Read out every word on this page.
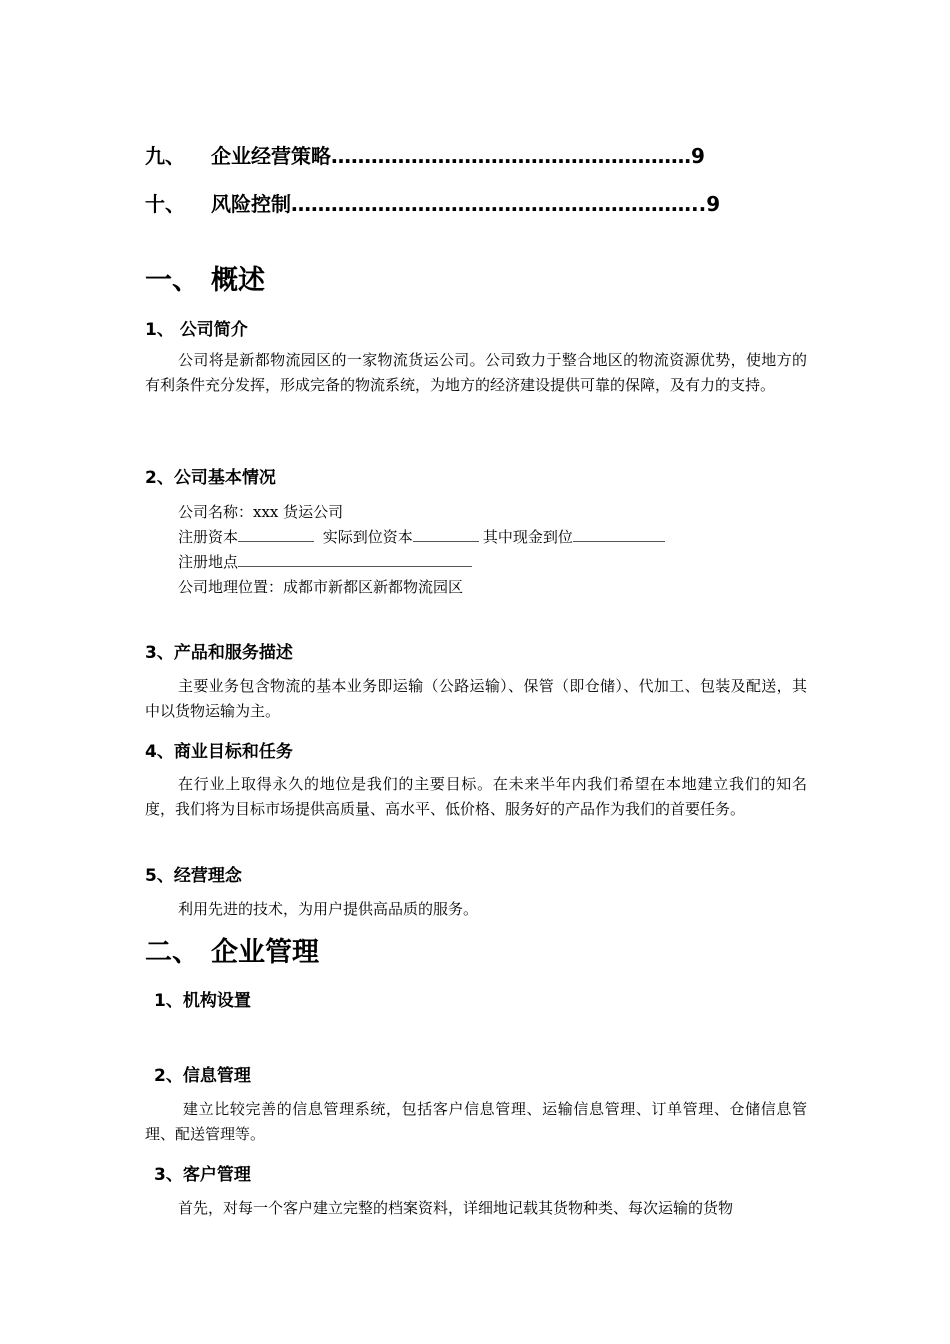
九、 企业经营策略………………………………………………9
十、 风险控制……………………………………………………..9
一、 概述
1、 公司简介
公司将是新都物流园区的一家物流货运公司。公司致力于整合地区的物流资源优势，使地方的有利条件充分发挥，形成完备的物流系统，为地方的经济建设提供可靠的保障，及有力的支持。
2、公司基本情况
公司名称：xxx 货运公司
注册资本	实际到位资本	其中现金到位
注册地点
公司地理位置：成都市新都区新都物流园区
3、产品和服务描述
主要业务包含物流的基本业务即运输（公路运输）、保管（即仓储）、代加工、包装及配送，其中以货物运输为主。
4、商业目标和任务
在行业上取得永久的地位是我们的主要目标。在未来半年内我们希望在本地建立我们的知名度，我们将为目标市场提供高质量、高水平、低价格、服务好的产品作为我们的首要任务。
5、经营理念
利用先进的技术，为用户提供高品质的服务。
二、 企业管理
1、机构设置
2、信息管理
建立比较完善的信息管理系统，包括客户信息管理、运输信息管理、订单管理、仓储信息管理、配送管理等。
3、客户管理
首先，对每一个客户建立完整的档案资料，详细地记载其货物种类、每次运输的货物
